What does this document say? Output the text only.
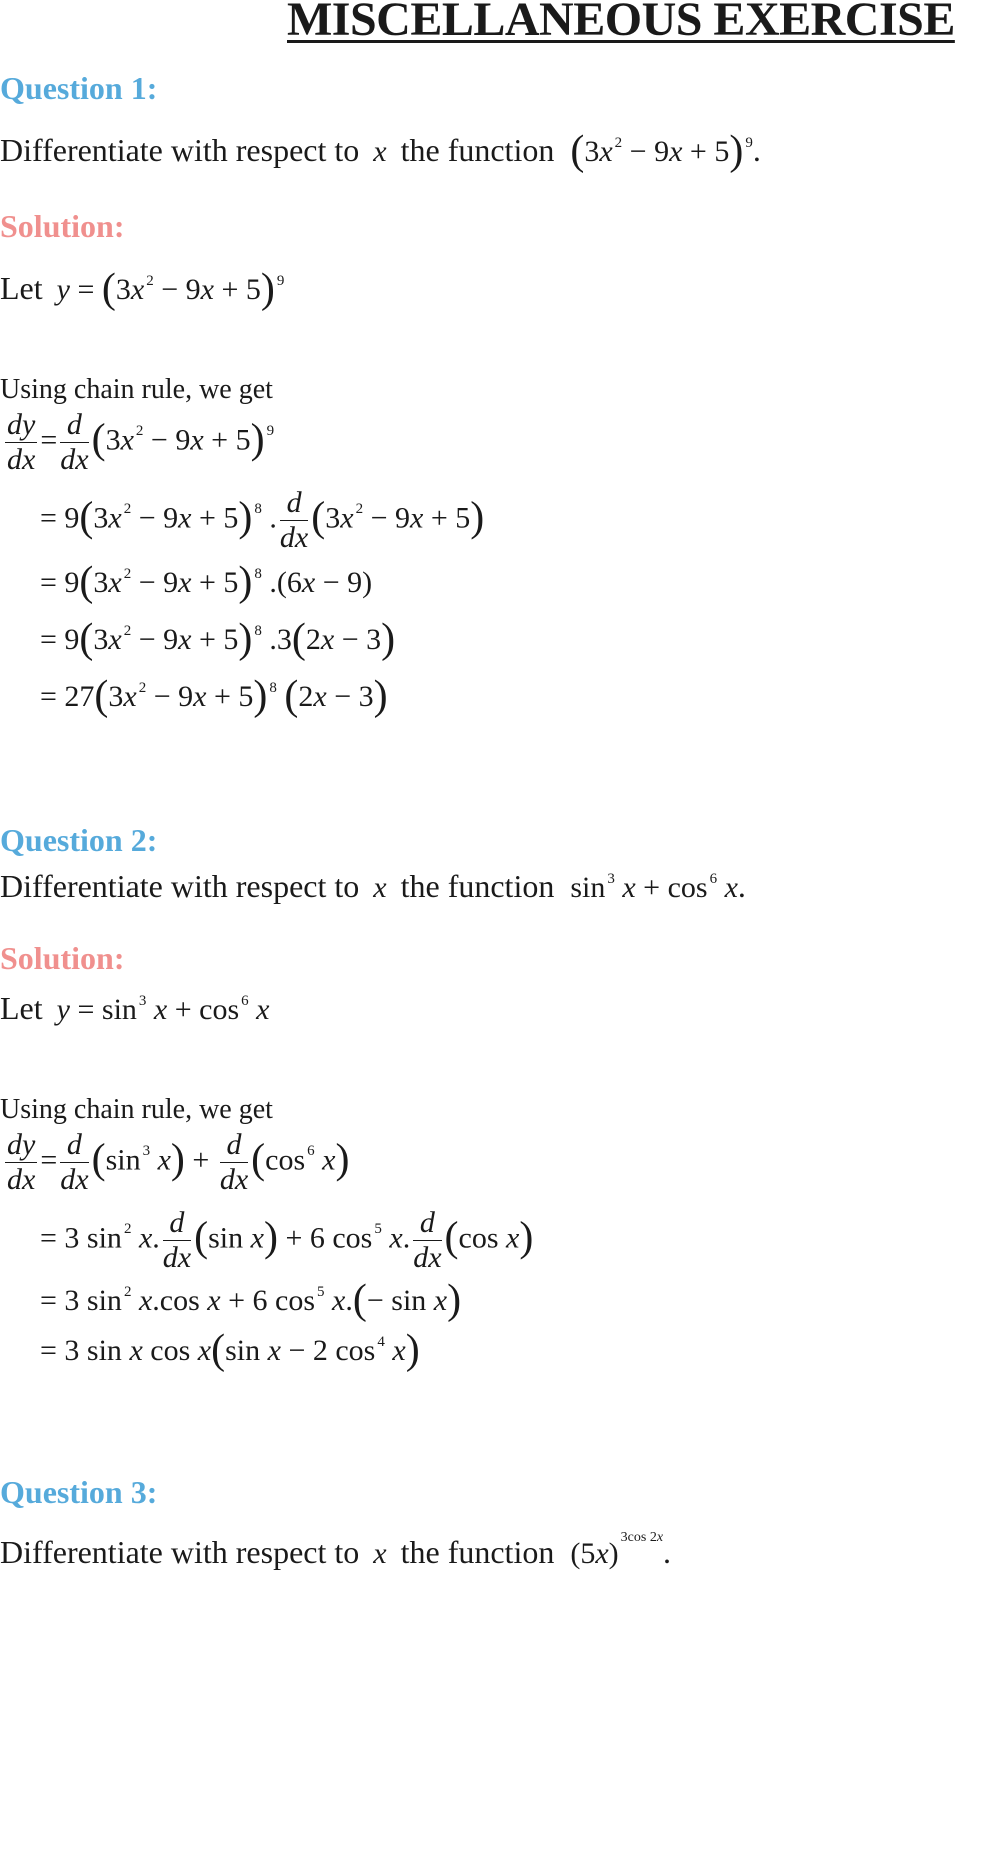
MISCELLANEOUS EXERCISE
Question 1:
Differentiate with respect to x the function (3x $^2$ − 9x + 5) $^9$.
Solution:
Let y = (3x $^2$ − 9x + 5) $^9$
Using chain rule, we get
$\frac{dy}{dx} = \frac{d}{dx} (3x$ $^2$ − 9x + 5) $^9$
= 9(3x $^2$ − 9x + 5) $^8$ . $\frac{d}{dx} (3x$ $^2$ − 9x + 5)
= 9(3x $^2$ − 9x + 5) $^8$ .(6x − 9)
= 9(3x $^2$ − 9x + 5) $^8$ .3(2x − 3)
= 27(3x $^2$ − 9x + 5) $^8$ (2x − 3)
Question 2:
Differentiate with respect to x the function sin $^3$ x + cos $^6$ x.
Solution:
Let y = sin $^3$ x + cos $^6$ x
Using chain rule, we get
$\frac{dy}{dx} = \frac{d}{dx} (\sin$ $^3$ $x) + \frac{d}{dx} (\cos$ $^6$ x)
= 3 sin $^2$ x. $\frac{d}{dx} (\sin$ x) + 6 cos $^5$ x. $\frac{d}{dx} (\cos$ x)
= 3 sin $^2$ x.cos x + 6 cos $^5$ x.(− sin x)
= 3 sin x cos x(sin x − 2 cos $^4$ x)
Question 3:
Differentiate with respect to x the function (5x) $^{3cos 2x}$.
